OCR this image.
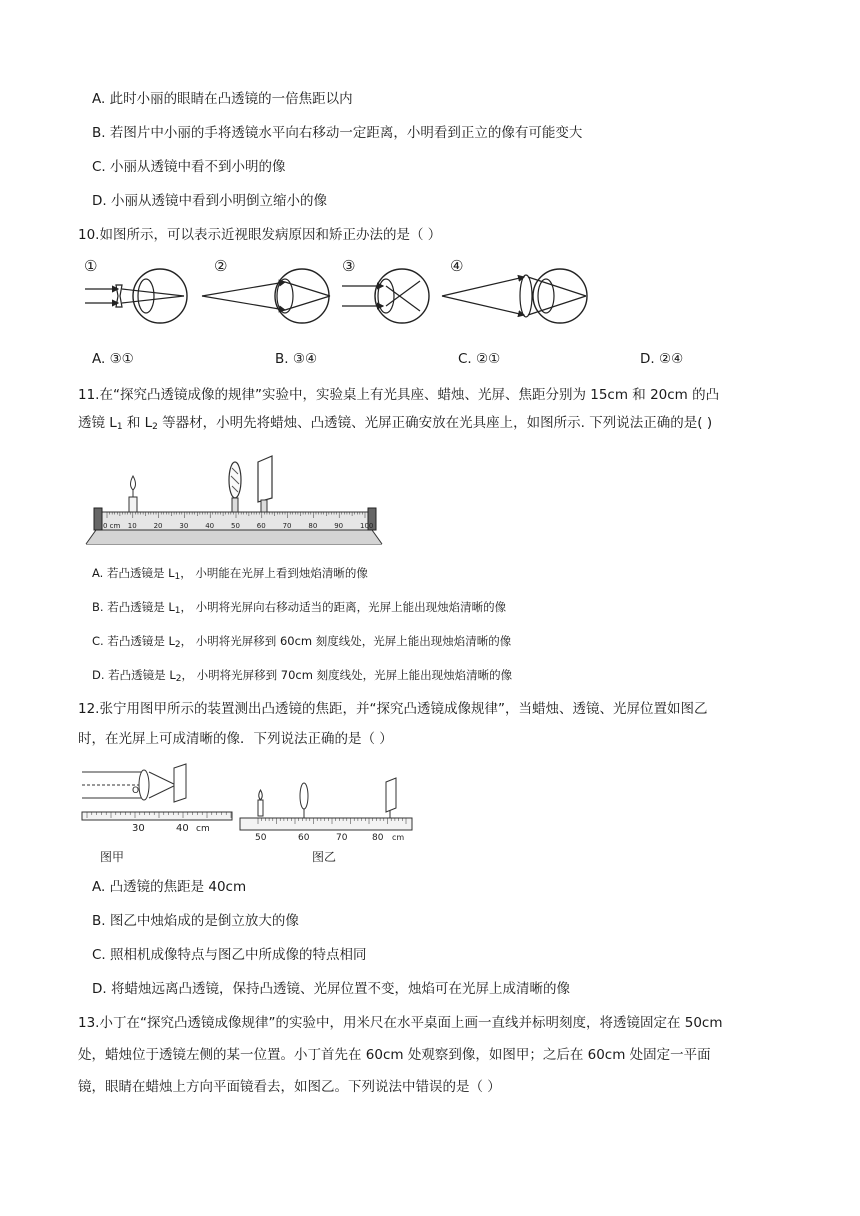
A. 此时小丽的眼睛在凸透镜的一倍焦距以内
B. 若图片中小丽的手将透镜水平向右移动一定距离，小明看到正立的像有可能变大
C. 小丽从透镜中看不到小明的像
D. 小丽从透镜中看到小明倒立缩小的像
10.如图所示，可以表示近视眼发病原因和矫正办法的是（ ）
①	②	③	④
A. ③①	B. ③④	C. ②①	D. ②④
11.在“探究凸透镜成像的规律”实验中，实验桌上有光具座、蜡烛、光屏、焦距分别为 15cm 和 20cm 的凸
透镜 $L_1$ 和 $L_2$ 等器材，小明先将蜡烛、凸透镜、光屏正确安放在光具座上，如图所示. 下列说法正确的是( )
0 cm 10 20 30 40 50 60 70 80 90 100
A. 若凸透镜是 $L_1$， 小明能在光屏上看到烛焰清晰的像
B. 若凸透镜是 $L_1$， 小明将光屏向右移动适当的距离，光屏上能出现烛焰清晰的像
C. 若凸透镜是 $L_2$， 小明将光屏移到 60cm 刻度线处，光屏上能出现烛焰清晰的像
D. 若凸透镜是 $L_2$， 小明将光屏移到 70cm 刻度线处，光屏上能出现烛焰清晰的像
12.张宁用图甲所示的装置测出凸透镜的焦距，并“探究凸透镜成像规律”，当蜡烛、透镜、光屏位置如图乙
时，在光屏上可成清晰的像．下列说法正确的是（ ）
O
30	40 cm
图甲
50	60	70	80 cm
图乙
A. 凸透镜的焦距是 40cm
B. 图乙中烛焰成的是倒立放大的像
C. 照相机成像特点与图乙中所成像的特点相同
D. 将蜡烛远离凸透镜，保持凸透镜、光屏位置不变，烛焰可在光屏上成清晰的像
13.小丁在“探究凸透镜成像规律”的实验中，用米尺在水平桌面上画一直线并标明刻度，将透镜固定在 50cm
处，蜡烛位于透镜左侧的某一位置。小丁首先在 60cm 处观察到像，如图甲；之后在 60cm 处固定一平面
镜，眼睛在蜡烛上方向平面镜看去，如图乙。下列说法中错误的是（ ）
